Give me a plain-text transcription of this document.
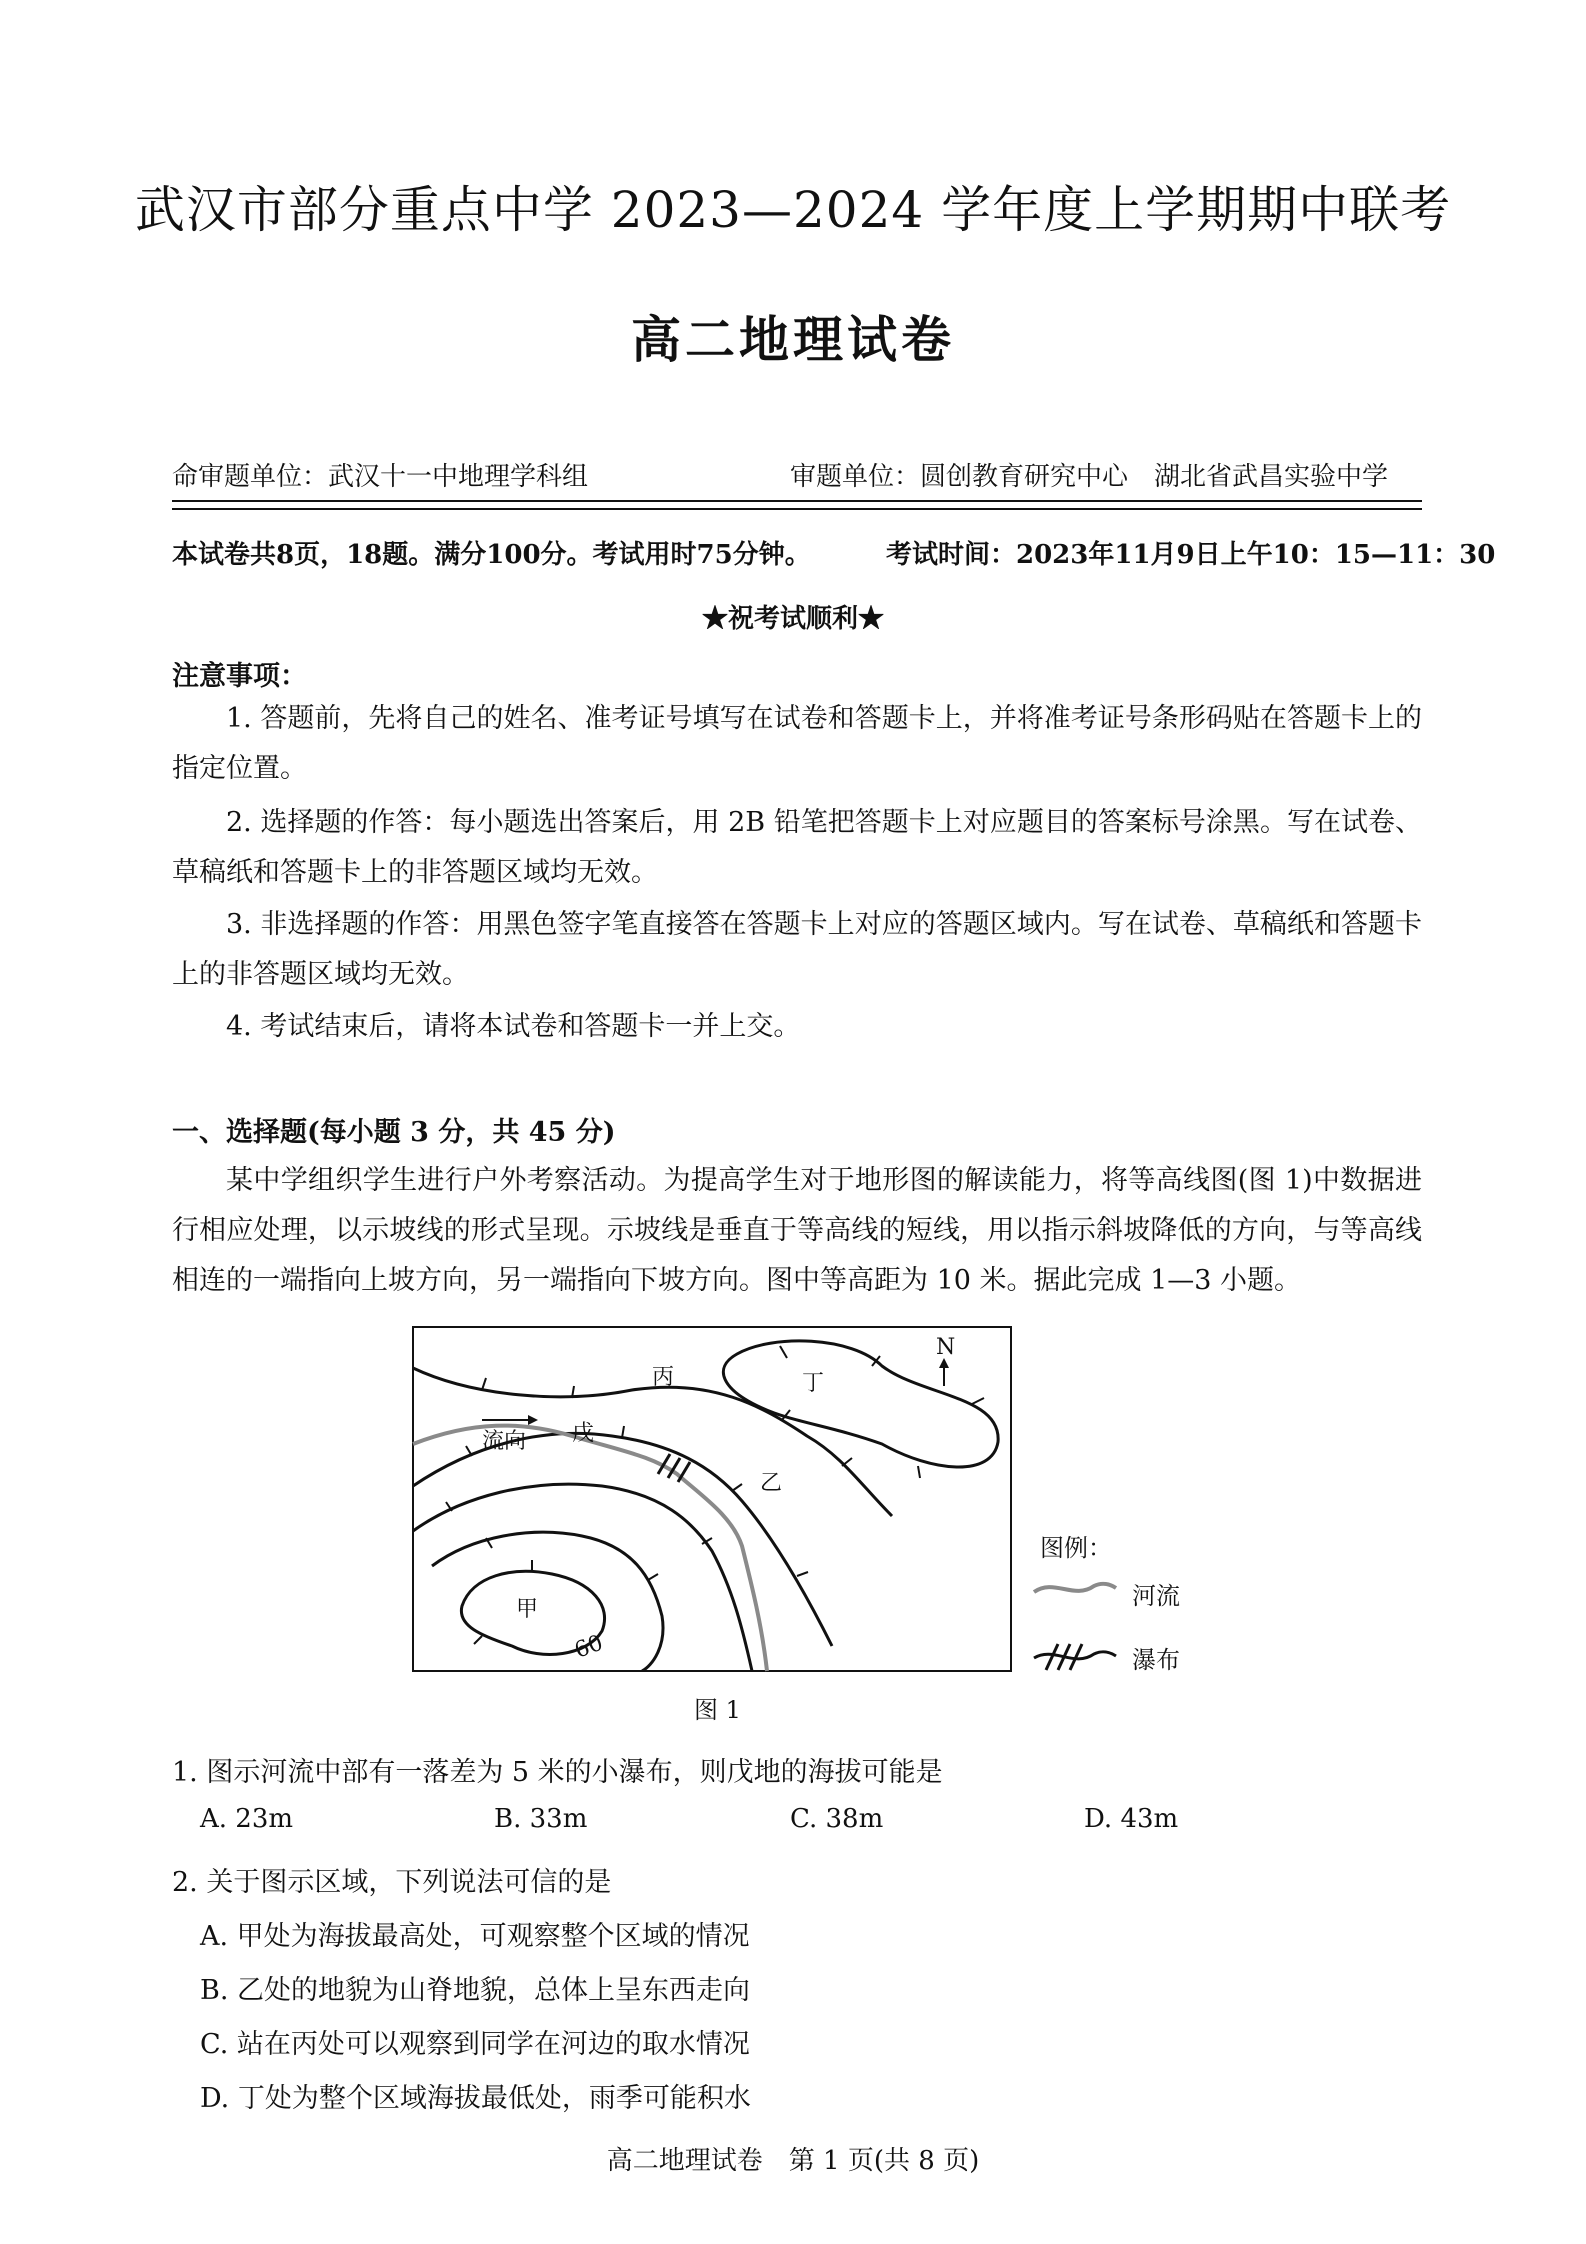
武汉市部分重点中学 2023—2024 学年度上学期期中联考
高二地理试卷
命审题单位：武汉十一中地理学科组	审题单位：圆创教育研究中心　湖北省武昌实验中学
本试卷共8页，18题。满分100分。考试用时75分钟。	考试时间：2023年11月9日上午10：15—11：30
★祝考试顺利★
注意事项：
1. 答题前，先将自己的姓名、准考证号填写在试卷和答题卡上，并将准考证号条形码贴在答题卡上的指定位置。
2. 选择题的作答：每小题选出答案后，用 2B 铅笔把答题卡上对应题目的答案标号涂黑。写在试卷、草稿纸和答题卡上的非答题区域均无效。
3. 非选择题的作答：用黑色签字笔直接答在答题卡上对应的答题区域内。写在试卷、草稿纸和答题卡上的非答题区域均无效。
4. 考试结束后，请将本试卷和答题卡一并上交。
一、选择题(每小题 3 分，共 45 分)
某中学组织学生进行户外考察活动。为提高学生对于地形图的解读能力，将等高线图(图 1)中数据进行相应处理，以示坡线的形式呈现。示坡线是垂直于等高线的短线，用以指示斜坡降低的方向，与等高线相连的一端指向上坡方向，另一端指向下坡方向。图中等高距为 10 米。据此完成 1—3 小题。
丙	丁
戊
乙
甲
流向
N
60
图例：
河流
瀑布
图 1
1. 图示河流中部有一落差为 5 米的小瀑布，则戊地的海拔可能是
A. 23m	B. 33m	C. 38m	D. 43m
2. 关于图示区域，下列说法可信的是
A. 甲处为海拔最高处，可观察整个区域的情况
B. 乙处的地貌为山脊地貌，总体上呈东西走向
C. 站在丙处可以观察到同学在河边的取水情况
D. 丁处为整个区域海拔最低处，雨季可能积水
高二地理试卷　第 1 页(共 8 页)
